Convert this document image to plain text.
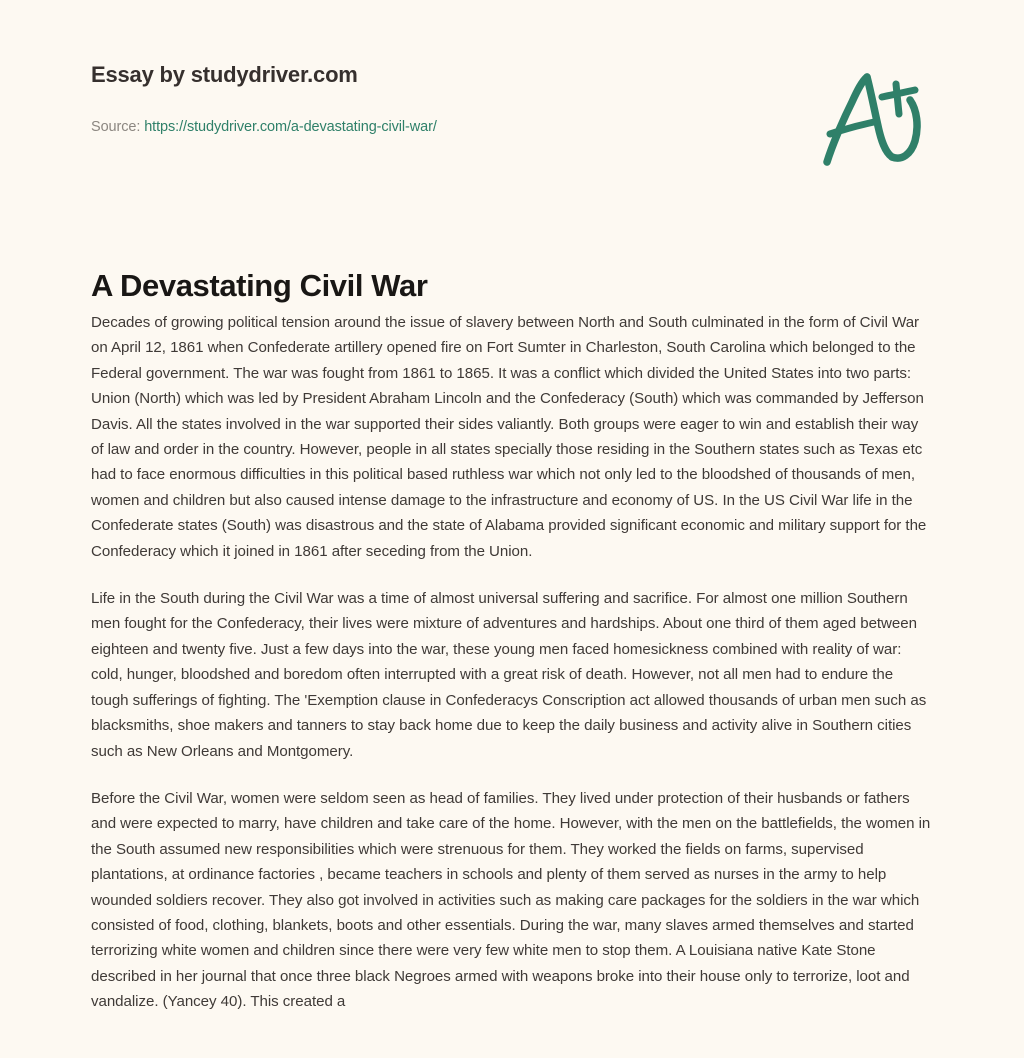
Essay by studydriver.com
Source: https://studydriver.com/a-devastating-civil-war/
A Devastating Civil War

Decades of growing political tension around the issue of slavery between North and South culminated in the form of Civil War on April 12, 1861 when Confederate artillery opened fire on Fort Sumter in Charleston, South Carolina which belonged to the Federal government. The war was fought from 1861 to 1865. It was a conflict which divided the United States into two parts: Union (North) which was led by President Abraham Lincoln and the Confederacy (South) which was commanded by Jefferson Davis. All the states involved in the war supported their sides valiantly. Both groups were eager to win and establish their way of law and order in the country. However, people in all states specially those residing in the Southern states such as Texas etc had to face enormous difficulties in this political based ruthless war which not only led to the bloodshed of thousands of men, women and children but also caused intense damage to the infrastructure and economy of US. In the US Civil War life in the Confederate states (South) was disastrous and the state of Alabama provided significant economic and military support for the Confederacy which it joined in 1861 after seceding from the Union.

Life in the South during the Civil War was a time of almost universal suffering and sacrifice. For almost one million Southern men fought for the Confederacy, their lives were mixture of adventures and hardships. About one third of them aged between eighteen and twenty five. Just a few days into the war, these young men faced homesickness combined with reality of war: cold, hunger, bloodshed and boredom often interrupted with a great risk of death. However, not all men had to endure the tough sufferings of fighting. The 'Exemption clause in Confederacys Conscription act allowed thousands of urban men such as blacksmiths, shoe makers and tanners to stay back home due to keep the daily business and activity alive in Southern cities such as New Orleans and Montgomery.

Before the Civil War, women were seldom seen as head of families. They lived under protection of their husbands or fathers and were expected to marry, have children and take care of the home. However, with the men on the battlefields, the women in the South assumed new responsibilities which were strenuous for them. They worked the fields on farms, supervised plantations, at ordinance factories , became teachers in schools and plenty of them served as nurses in the army to help wounded soldiers recover. They also got involved in activities such as making care packages for the soldiers in the war which consisted of food, clothing, blankets, boots and other essentials. During the war, many slaves armed themselves and started terrorizing white women and children since there were very few white men to stop them. A Louisiana native Kate Stone described in her journal that once three black Negroes armed with weapons broke into their house only to terrorize, loot and vandalize. (Yancey 40). This created a
